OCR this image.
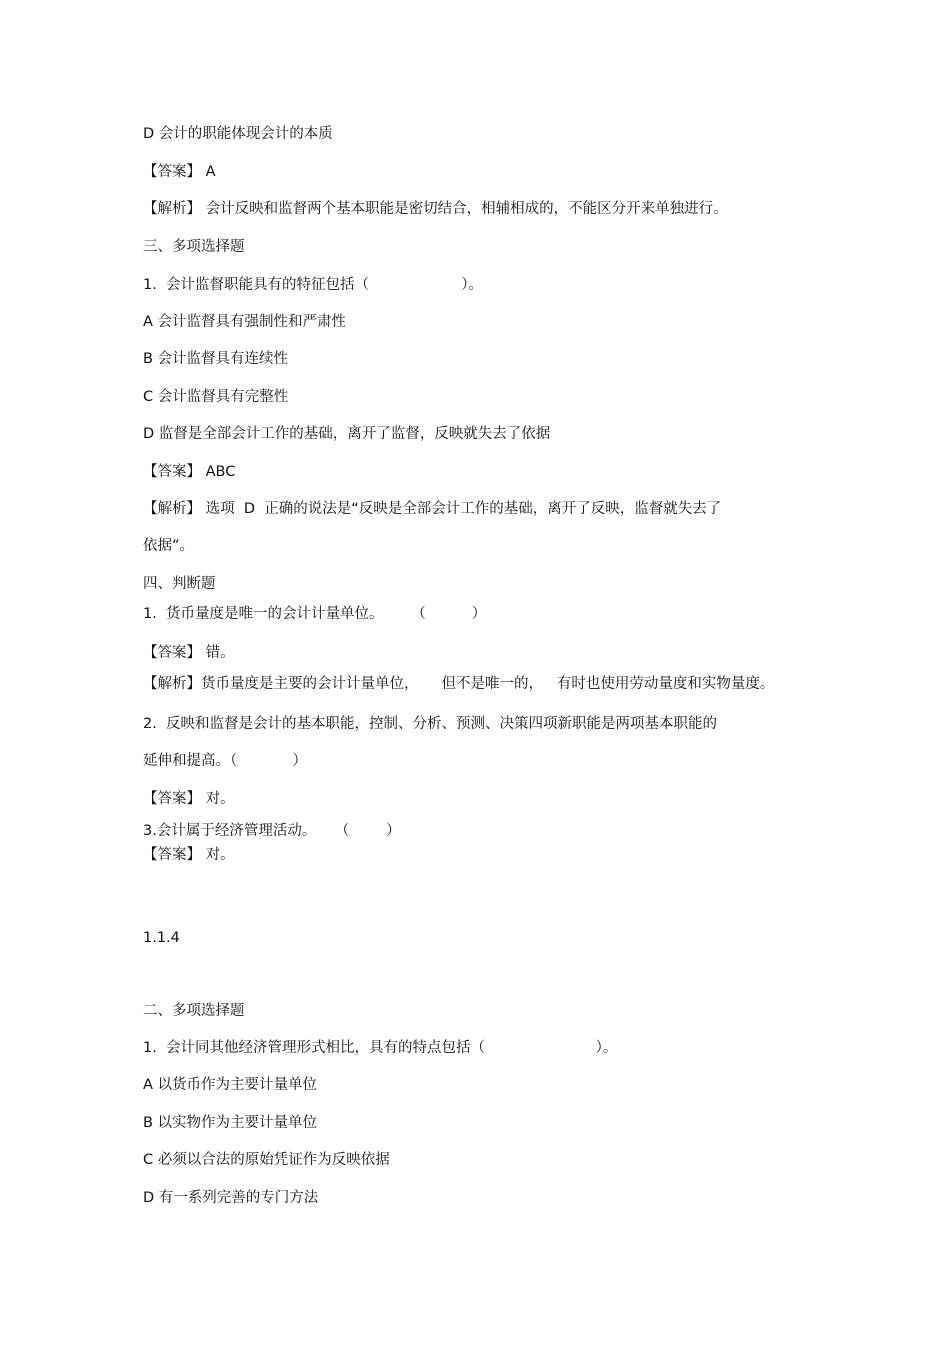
D 会计的职能体现会计的本质

【答案】 A

【解析】 会计反映和监督两个基本职能是密切结合，相辅相成的，不能区分开来单独进行。

三、多项选择题

1.  会计监督职能具有的特征包括（                    ）。

A 会计监督具有强制性和严肃性

B 会计监督具有连续性

C 会计监督具有完整性

D 监督是全部会计工作的基础，离开了监督，反映就失去了依据

【答案】 ABC

【解析】 选项  D  正确的说法是“反映是全部会计工作的基础，离开了反映，监督就失去了

依据”。

四、判断题

1.  货币量度是唯一的会计计量单位。      （          ）

【答案】 错。

【解析】货币量度是主要的会计计量单位，     但不是唯一的，   有时也使用劳动量度和实物量度。

2.  反映和监督是会计的基本职能，控制、分析、预测、决策四项新职能是两项基本职能的

延伸和提高。（            ）

【答案】 对。

3.会计属于经济管理活动。    （        ）

【答案】 对。

1.1.4

二、多项选择题

1.  会计同其他经济管理形式相比，具有的特点包括（                        ）。

A 以货币作为主要计量单位

B 以实物作为主要计量单位

C 必须以合法的原始凭证作为反映依据

D 有一系列完善的专门方法
